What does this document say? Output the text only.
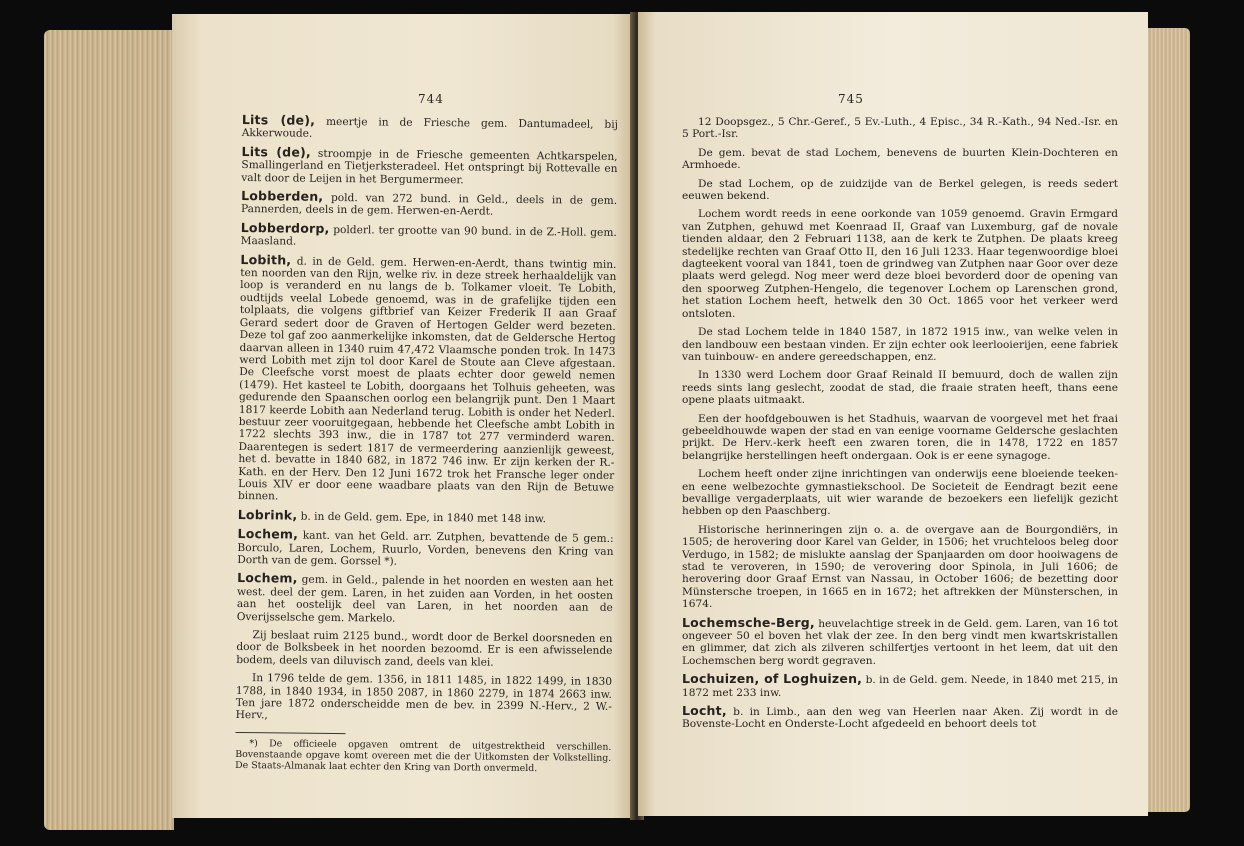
744

Lits (de), meertje in de Friesche gem. Dantumadeel, bij Akkerwoude.

Lits (de), stroompje in de Friesche gemeenten Achtkarspelen, Smallingerland en Tietjerksteradeel. Het ontspringt bij Rottevalle en valt door de Leijen in het Bergumermeer.

Lobberden, pold. van 272 bund. in Geld., deels in de gem. Pannerden, deels in de gem. Herwen-en-Aerdt.

Lobberdorp, polderl. ter grootte van 90 bund. in de Z.-Holl. gem. Maasland.

Lobith, d. in de Geld. gem. Herwen-en-Aerdt, thans twintig min. ten noorden van den Rijn, welke riv. in deze streek herhaaldelijk van loop is veranderd en nu langs de b. Tolkamer vloeit. Te Lobith, oudtijds veelal Lobede genoemd, was in de grafelijke tijden een tolplaats, die volgens giftbrief van Keizer Frederik II aan Graaf Gerard sedert door de Graven of Hertogen Gelder werd bezeten. Deze tol gaf zoo aanmerkelijke inkomsten, dat de Geldersche Hertog daarvan alleen in 1340 ruim 47,472 Vlaamsche ponden trok. In 1473 werd Lobith met zijn tol door Karel de Stoute aan Cleve afgestaan. De Cleefsche vorst moest de plaats echter door geweld nemen (1479). Het kasteel te Lobith, doorgaans het Tolhuis geheeten, was gedurende den Spaanschen oorlog een belangrijk punt. Den 1 Maart 1817 keerde Lobith aan Nederland terug. Lobith is onder het Nederl. bestuur zeer vooruitgegaan, hebbende het Cleefsche ambt Lobith in 1722 slechts 393 inw., die in 1787 tot 277 verminderd waren. Daarentegen is sedert 1817 de vermeerdering aanzienlijk geweest, het d. bevatte in 1840 682, in 1872 746 inw. Er zijn kerken der R.-Kath. en der Herv. Den 12 Juni 1672 trok het Fransche leger onder Louis XIV er door eene waadbare plaats van den Rijn de Betuwe binnen.

Lobrink, b. in de Geld. gem. Epe, in 1840 met 148 inw.

Lochem, kant. van het Geld. arr. Zutphen, bevattende de 5 gem.: Borculo, Laren, Lochem, Ruurlo, Vorden, benevens den Kring van Dorth van de gem. Gorssel *).

Lochem, gem. in Geld., palende in het noorden en westen aan het west. deel der gem. Laren, in het zuiden aan Vorden, in het oosten aan het oostelijk deel van Laren, in het noorden aan de Overijsselsche gem. Markelo.

Zij beslaat ruim 2125 bund., wordt door de Berkel doorsneden en door de Bolksbeek in het noorden bezoomd. Er is een afwisselende bodem, deels van diluvisch zand, deels van klei.

In 1796 telde de gem. 1356, in 1811 1485, in 1822 1499, in 1830 1788, in 1840 1934, in 1850 2087, in 1860 2279, in 1874 2663 inw. Ten jare 1872 onderscheidde men de bev. in 2399 N.-Herv., 2 W.-Herv.,

*) De officieele opgaven omtrent de uitgestrektheid verschillen. Bovenstaande opgave komt overeen met die der Uitkomsten der Volkstelling. De Staats-Almanak laat echter den Kring van Dorth onvermeld.

745

12 Doopsgez., 5 Chr.-Geref., 5 Ev.-Luth., 4 Episc., 34 R.-Kath., 94 Ned.-Isr. en 5 Port.-Isr.

De gem. bevat de stad Lochem, benevens de buurten Klein-Dochteren en Armhoede.

De stad Lochem, op de zuidzijde van de Berkel gelegen, is reeds sedert eeuwen bekend.

Lochem wordt reeds in eene oorkonde van 1059 genoemd. Gravin Ermgard van Zutphen, gehuwd met Koenraad II, Graaf van Luxemburg, gaf de novale tienden aldaar, den 2 Februari 1138, aan de kerk te Zutphen. De plaats kreeg stedelijke rechten van Graaf Otto II, den 16 Juli 1233. Haar tegenwoordige bloei dagteekent vooral van 1841, toen de grindweg van Zutphen naar Goor over deze plaats werd gelegd. Nog meer werd deze bloei bevorderd door de opening van den spoorweg Zutphen-Hengelo, die tegenover Lochem op Larenschen grond, het station Lochem heeft, hetwelk den 30 Oct. 1865 voor het verkeer werd ontsloten.

De stad Lochem telde in 1840 1587, in 1872 1915 inw., van welke velen in den landbouw een bestaan vinden. Er zijn echter ook leerlooierijen, eene fabriek van tuinbouw- en andere gereedschappen, enz.

In 1330 werd Lochem door Graaf Reinald II bemuurd, doch de wallen zijn reeds sints lang geslecht, zoodat de stad, die fraaie straten heeft, thans eene opene plaats uitmaakt.

Een der hoofdgebouwen is het Stadhuis, waarvan de voorgevel met het fraai gebeeldhouwde wapen der stad en van eenige voorname Geldersche geslachten prijkt. De Herv.-kerk heeft een zwaren toren, die in 1478, 1722 en 1857 belangrijke herstellingen heeft ondergaan. Ook is er eene synagoge.

Lochem heeft onder zijne inrichtingen van onderwijs eene bloeiende teeken- en eene welbezochte gymnastiekschool. De Societeit de Eendragt bezit eene bevallige vergaderplaats, uit wier warande de bezoekers een liefelijk gezicht hebben op den Paaschberg.

Historische herinneringen zijn o. a. de overgave aan de Bourgondiërs, in 1505; de herovering door Karel van Gelder, in 1506; het vruchteloos beleg door Verdugo, in 1582; de mislukte aanslag der Spanjaarden om door hooiwagens de stad te veroveren, in 1590; de verovering door Spinola, in Juli 1606; de herovering door Graaf Ernst van Nassau, in October 1606; de bezetting door Münstersche troepen, in 1665 en in 1672; het aftrekken der Münsterschen, in 1674.

Lochemsche-Berg, heuvelachtige streek in de Geld. gem. Laren, van 16 tot ongeveer 50 el boven het vlak der zee. In den berg vindt men kwartskristallen en glimmer, dat zich als zilveren schilfertjes vertoont in het leem, dat uit den Lochemschen berg wordt gegraven.

Lochuizen, of Loghuizen, b. in de Geld. gem. Neede, in 1840 met 215, in 1872 met 233 inw.

Locht, b. in Limb., aan den weg van Heerlen naar Aken. Zij wordt in de Bovenste-Locht en Onderste-Locht afgedeeld en behoort deels tot
